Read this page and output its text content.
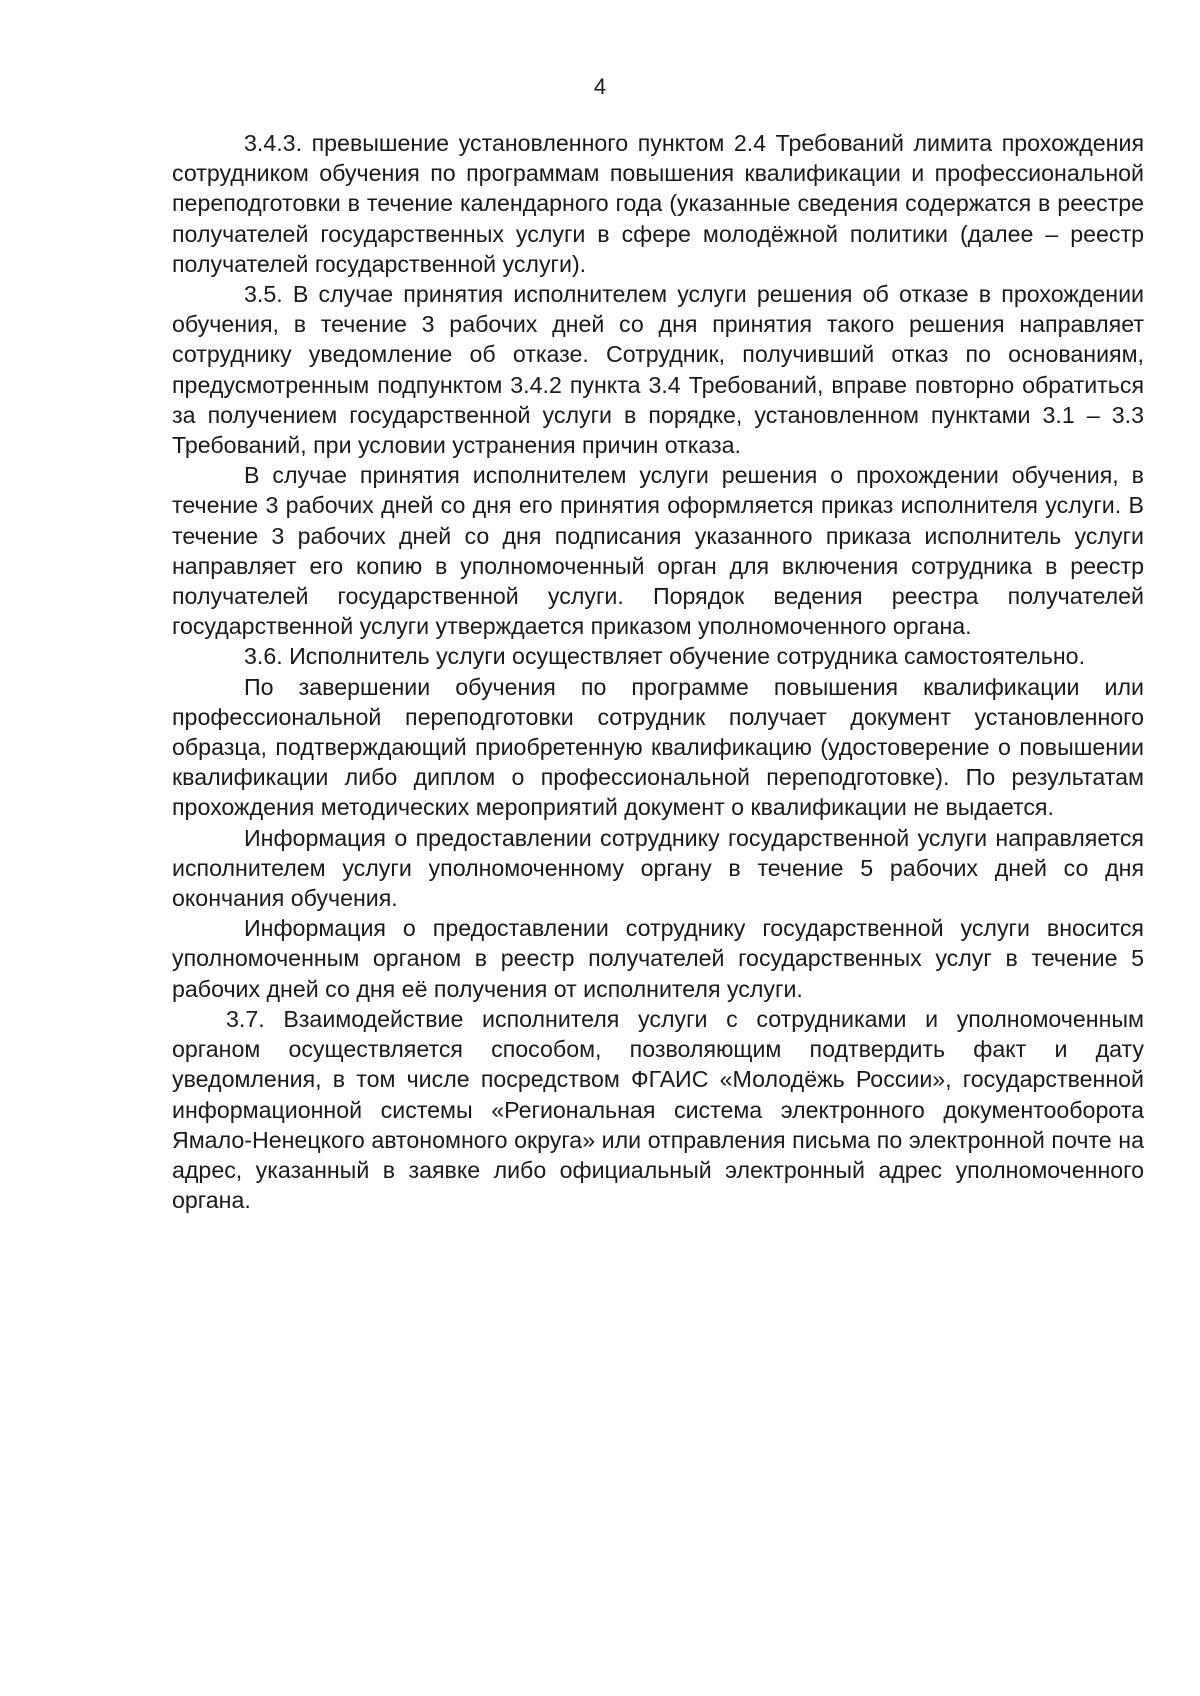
4

3.4.3. превышение установленного пунктом 2.4 Требований лимита прохождения сотрудником обучения по программам повышения квалификации и профессиональной переподготовки в течение календарного года (указанные сведения содержатся в реестре получателей государственных услуги в сфере молодёжной политики (далее – реестр получателей государственной услуги).

3.5. В случае принятия исполнителем услуги решения об отказе в прохождении обучения, в течение 3 рабочих дней со дня принятия такого решения направляет сотруднику уведомление об отказе. Сотрудник, получивший отказ по основаниям, предусмотренным подпунктом 3.4.2 пункта 3.4 Требований, вправе повторно обратиться за получением государственной услуги в порядке, установленном пунктами 3.1 – 3.3 Требований, при условии устранения причин отказа.

В случае принятия исполнителем услуги решения о прохождении обучения, в течение 3 рабочих дней со дня его принятия оформляется приказ исполнителя услуги. В течение 3 рабочих дней со дня подписания указанного приказа исполнитель услуги направляет его копию в уполномоченный орган для включения сотрудника в реестр получателей государственной услуги. Порядок ведения реестра получателей государственной услуги утверждается приказом уполномоченного органа.

3.6. Исполнитель услуги осуществляет обучение сотрудника самостоятельно.

По завершении обучения по программе повышения квалификации или профессиональной переподготовки сотрудник получает документ установленного образца, подтверждающий приобретенную квалификацию (удостоверение о повышении квалификации либо диплом о профессиональной переподготовке). По результатам прохождения методических мероприятий документ о квалификации не выдается.

Информация о предоставлении сотруднику государственной услуги направляется исполнителем услуги уполномоченному органу в течение 5 рабочих дней со дня окончания обучения.

Информация о предоставлении сотруднику государственной услуги вносится уполномоченным органом в реестр получателей государственных услуг в течение 5 рабочих дней со дня её получения от исполнителя услуги.

3.7. Взаимодействие исполнителя услуги с сотрудниками и уполномоченным органом осуществляется способом, позволяющим подтвердить факт и дату уведомления, в том числе посредством ФГАИС «Молодёжь России», государственной информационной системы «Региональная система электронного документооборота Ямало-Ненецкого автономного округа» или отправления письма по электронной почте на адрес, указанный в заявке либо официальный электронный адрес уполномоченного органа.
